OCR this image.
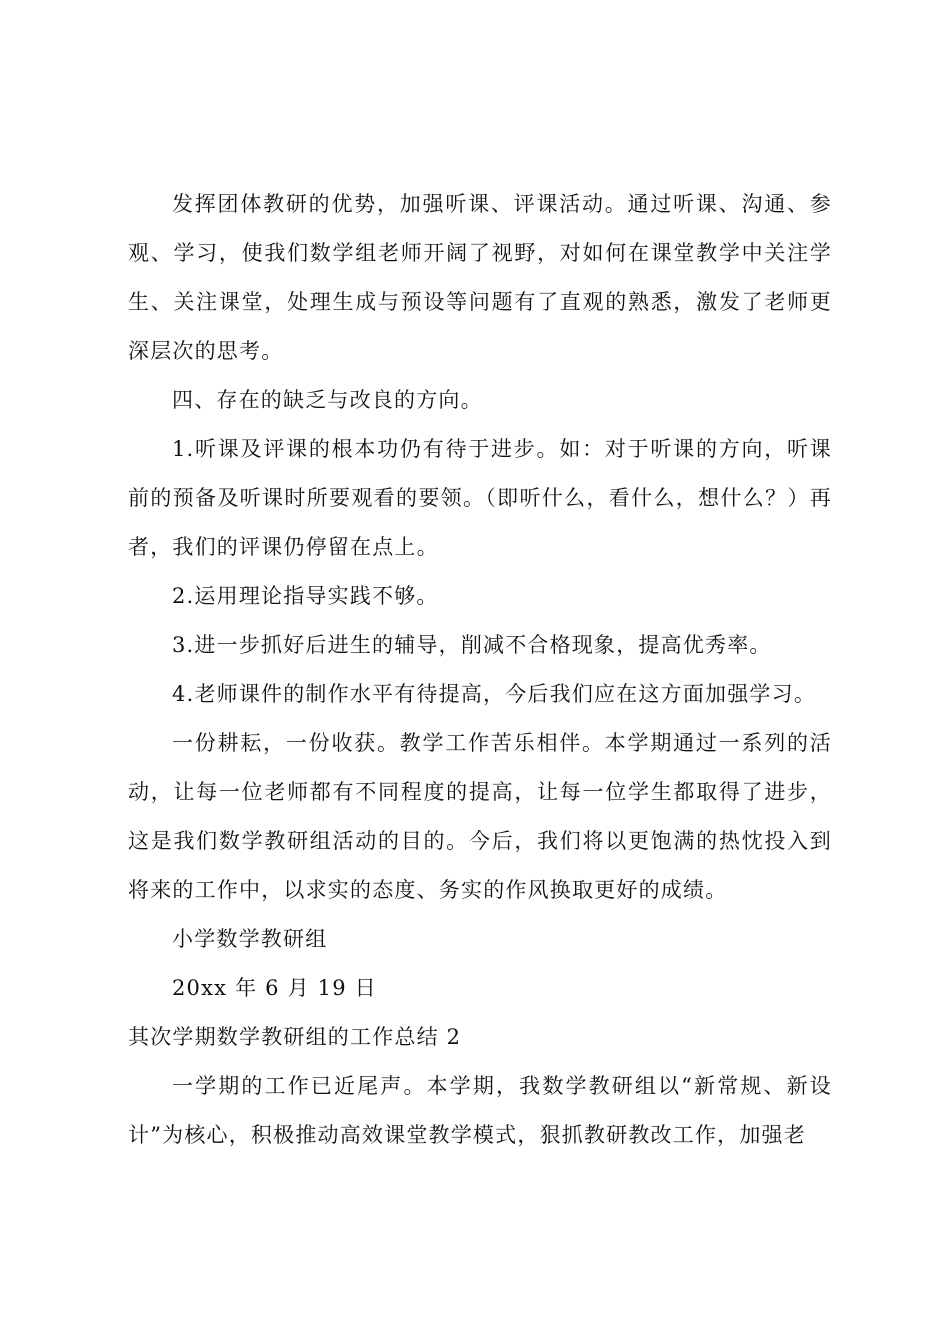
发挥团体教研的优势，加强听课、评课活动。通过听课、沟通、参观、学习，使我们数学组老师开阔了视野，对如何在课堂教学中关注学生、关注课堂，处理生成与预设等问题有了直观的熟悉，激发了老师更深层次的思考。

四、存在的缺乏与改良的方向。

1.听课及评课的根本功仍有待于进步。如：对于听课的方向，听课前的预备及听课时所要观看的要领。（即听什么，看什么，想什么？）再者，我们的评课仍停留在点上。

2.运用理论指导实践不够。

3.进一步抓好后进生的辅导，削减不合格现象，提高优秀率。

4.老师课件的制作水平有待提高，今后我们应在这方面加强学习。

一份耕耘，一份收获。教学工作苦乐相伴。本学期通过一系列的活动，让每一位老师都有不同程度的提高，让每一位学生都取得了进步，这是我们数学教研组活动的目的。今后，我们将以更饱满的热忱投入到将来的工作中，以求实的态度、务实的作风换取更好的成绩。

小学数学教研组

20xx 年 6 月 19 日

其次学期数学教研组的工作总结 2

一学期的工作已近尾声。本学期，我数学教研组以“新常规、新设计”为核心，积极推动高效课堂教学模式，狠抓教研教改工作，加强老
